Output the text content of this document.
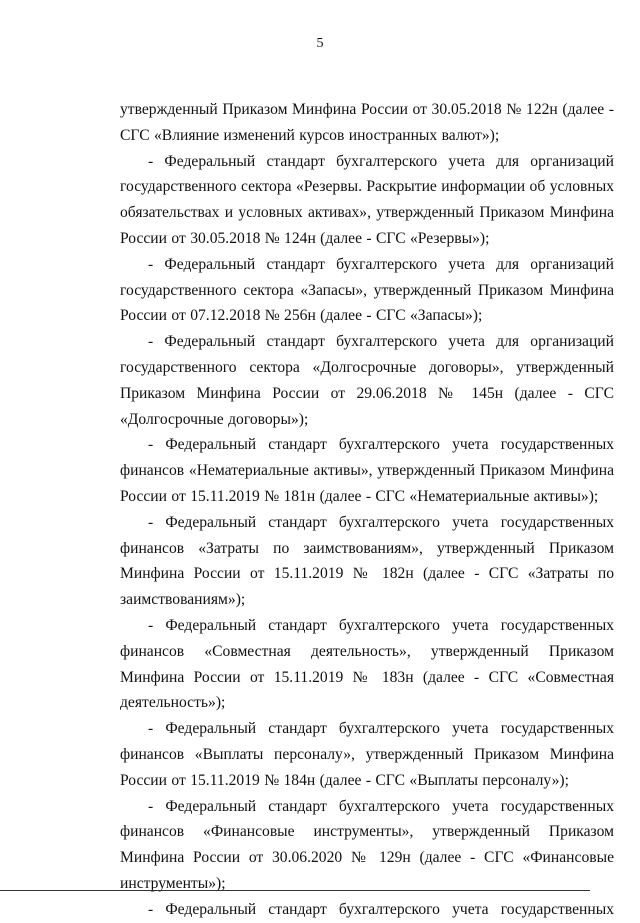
5

утвержденный Приказом Минфина России от 30.05.2018 № 122н (далее - СГС «Влияние изменений курсов иностранных валют»);

- Федеральный стандарт бухгалтерского учета для организаций государственного сектора «Резервы. Раскрытие информации об условных обязательствах и условных активах», утвержденный Приказом Минфина России от 30.05.2018 № 124н (далее - СГС «Резервы»);

- Федеральный стандарт бухгалтерского учета для организаций государственного сектора «Запасы», утвержденный Приказом Минфина России от 07.12.2018 № 256н (далее - СГС «Запасы»);

- Федеральный стандарт бухгалтерского учета для организаций государственного сектора «Долгосрочные договоры», утвержденный Приказом Минфина России от 29.06.2018 № 145н (далее - СГС «Долгосрочные договоры»);

- Федеральный стандарт бухгалтерского учета государственных финансов «Нематериальные активы», утвержденный Приказом Минфина России от 15.11.2019 № 181н (далее - СГС «Нематериальные активы»);

- Федеральный стандарт бухгалтерского учета государственных финансов «Затраты по заимствованиям», утвержденный Приказом Минфина России от 15.11.2019 № 182н (далее - СГС «Затраты по заимствованиям»);

- Федеральный стандарт бухгалтерского учета государственных финансов «Совместная деятельность», утвержденный Приказом Минфина России от 15.11.2019 № 183н (далее - СГС «Совместная деятельность»);

- Федеральный стандарт бухгалтерского учета государственных финансов «Выплаты персоналу», утвержденный Приказом Минфина России от 15.11.2019 № 184н (далее - СГС «Выплаты персоналу»);

- Федеральный стандарт бухгалтерского учета государственных финансов «Финансовые инструменты», утвержденный Приказом Минфина России от 30.06.2020 № 129н (далее - СГС «Финансовые инструменты»);

- Федеральный стандарт бухгалтерского учета государственных
